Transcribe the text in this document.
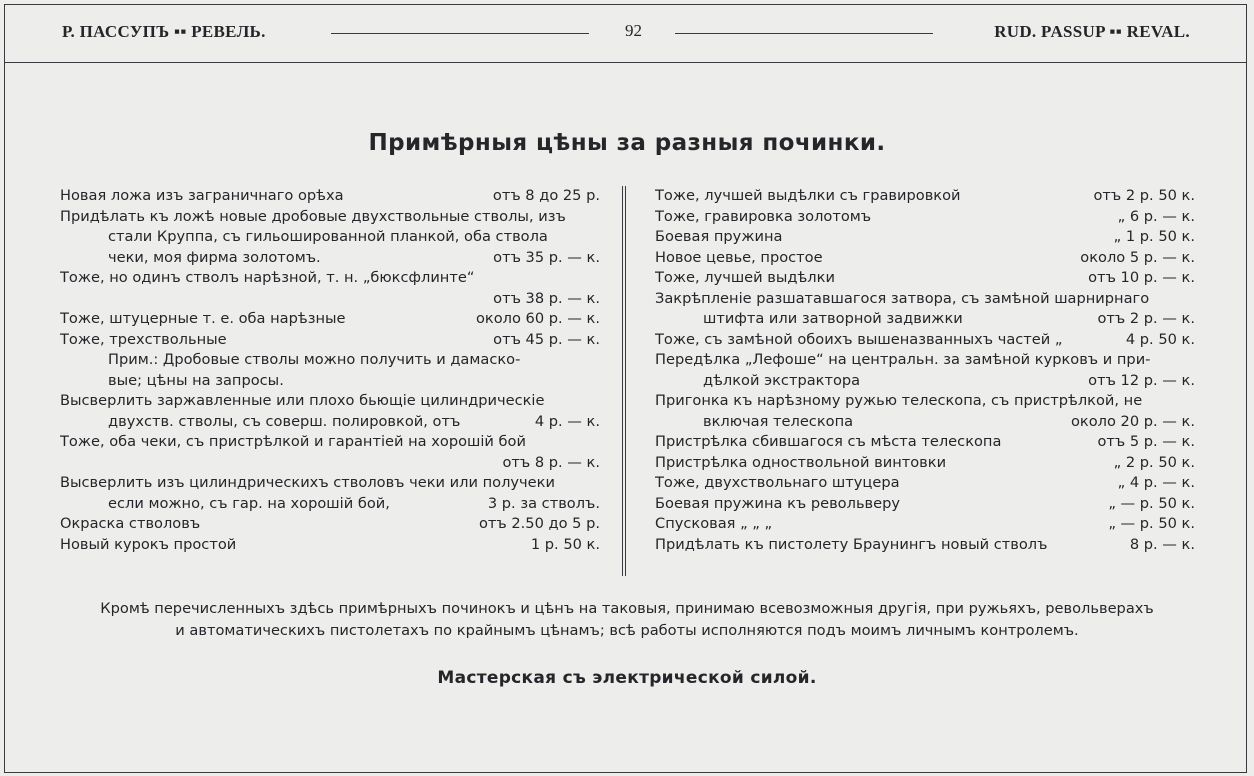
Р. ПАССУПЪ ▪▪ РЕВЕЛЬ.	92	RUD. PASSUP ▪▪ REVAL.
Примѣрныя цѣны за разныя починки.
Новая ложа изъ заграничнаго орѣха	отъ 8 до 25 р.
Придѣлать къ ложѣ новые дробовые двухствольные стволы, изъ
стали Круппа, съ гильошированной планкой, оба ствола
чеки, моя фирма золотомъ.	отъ 35 р. — к.
Тоже, но одинъ стволъ нарѣзной, т. н. „бюксфлинте“
отъ 38 р. — к.
Тоже, штуцерные т. е. оба нарѣзные	около 60 р. — к.
Тоже, трехствольные	отъ 45 р. — к.
Прим.: Дробовые стволы можно получить и дамаско-
вые; цѣны на запросы.
Высверлить заржавленные или плохо бьющіе цилиндрическіе
двухств. стволы, съ соверш. полировкой, отъ	4 р. — к.
Тоже, оба чеки, съ пристрѣлкой и гарантіей на хорошій бой
отъ 8 р. — к.
Высверлить изъ цилиндрическихъ стволовъ чеки или получеки
если можно, съ гар. на хорошій бой,	3 р. за стволъ.
Окраска стволовъ	отъ 2.50 до 5 р.
Новый курокъ простой	1 р. 50 к.
Тоже, лучшей выдѣлки съ гравировкой	отъ 2 р. 50 к.
Тоже, гравировка золотомъ	„ 6 р. — к.
Боевая пружина	„ 1 р. 50 к.
Новое цевье, простое	около 5 р. — к.
Тоже, лучшей выдѣлки	отъ 10 р. — к.
Закрѣпленіе разшатавшагося затвора, съ замѣной шарнирнаго
штифта или затворной задвижки	отъ 2 р. — к.
Тоже, съ замѣной обоихъ вышеназванныхъ частей „	4 р. 50 к.
Передѣлка „Лефоше“ на центральн. за замѣной курковъ и при-
дѣлкой экстрактора	отъ 12 р. — к.
Пригонка къ нарѣзному ружью телескопа, съ пристрѣлкой, не
включая телескопа	около 20 р. — к.
Пристрѣлка сбившагося съ мѣста телескопа	отъ 5 р. — к.
Пристрѣлка одноствольной винтовки	„ 2 р. 50 к.
Тоже, двухствольнаго штуцера	„ 4 р. — к.
Боевая пружина къ револьверу	„ — р. 50 к.
Спусковая „ „ „	„ — р. 50 к.
Придѣлать къ пистолету Браунингъ новый стволъ	8 р. — к.
Кромѣ перечисленныхъ здѣсь примѣрныхъ починокъ и цѣнъ на таковыя, принимаю всевозможныя другія, при ружьяхъ, револьверахъ
и автоматическихъ пистолетахъ по крайнымъ цѣнамъ; всѣ работы исполняются подъ моимъ личнымъ контролемъ.
Мастерская съ электрической силой.
